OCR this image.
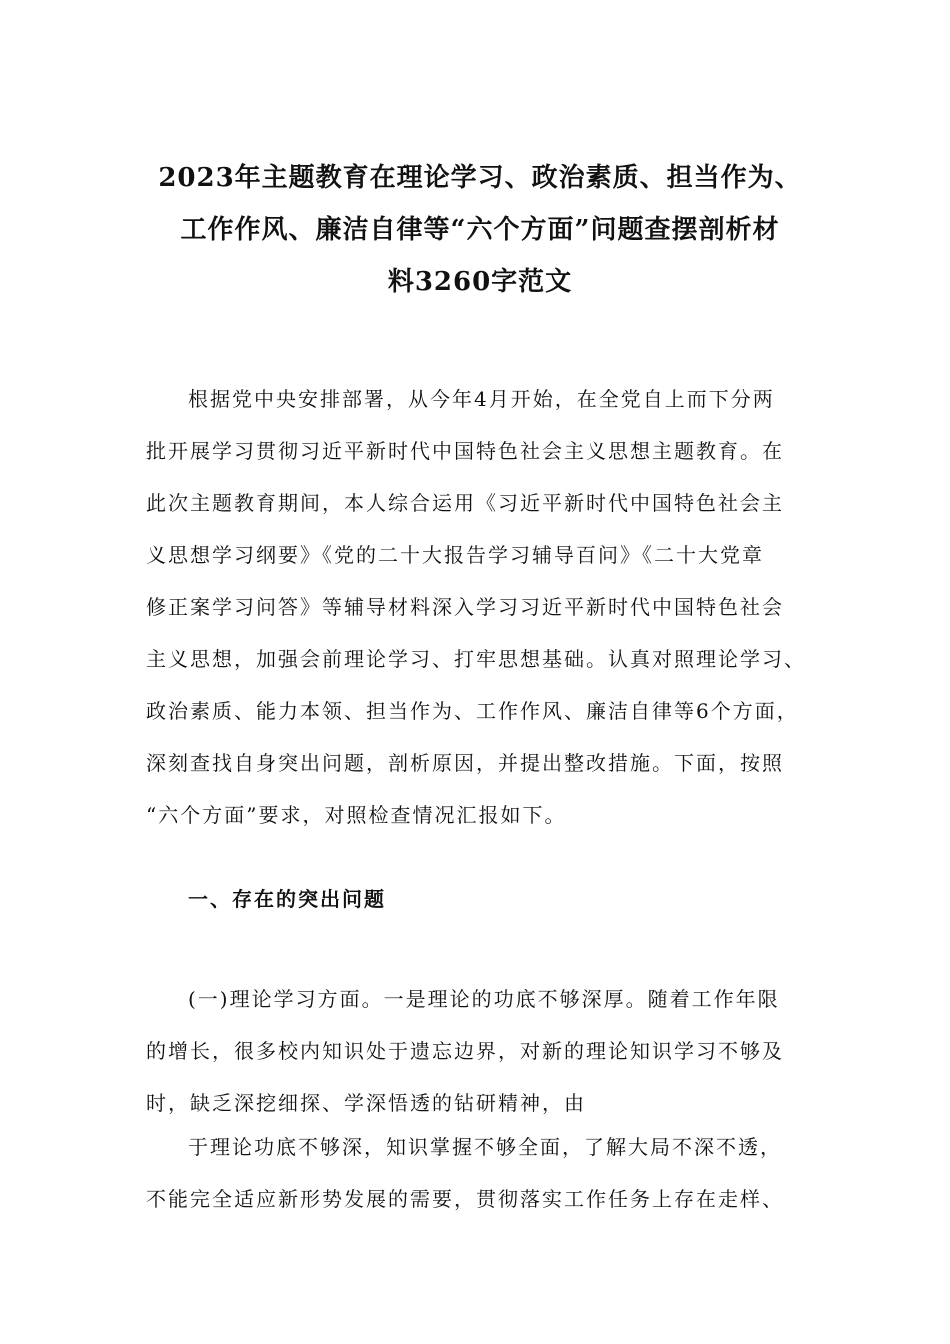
2023年主题教育在理论学习、政治素质、担当作为、
工作作风、廉洁自律等“六个方面”问题查摆剖析材
料3260字范文
根据党中央安排部署，从今年4月开始，在全党自上而下分两
批开展学习贯彻习近平新时代中国特色社会主义思想主题教育。在
此次主题教育期间，本人综合运用《习近平新时代中国特色社会主
义思想学习纲要》《党的二十大报告学习辅导百问》《二十大党章
修正案学习问答》等辅导材料深入学习习近平新时代中国特色社会
主义思想，加强会前理论学习、打牢思想基础。认真对照理论学习、
政治素质、能力本领、担当作为、工作作风、廉洁自律等6个方面，
深刻查找自身突出问题，剖析原因，并提出整改措施。下面，按照
“六个方面”要求，对照检查情况汇报如下。
一、存在的突出问题
(一)理论学习方面。一是理论的功底不够深厚。随着工作年限
的增长，很多校内知识处于遗忘边界，对新的理论知识学习不够及
时，缺乏深挖细探、学深悟透的钻研精神，由
于理论功底不够深，知识掌握不够全面，了解大局不深不透，
不能完全适应新形势发展的需要，贯彻落实工作任务上存在走样、
